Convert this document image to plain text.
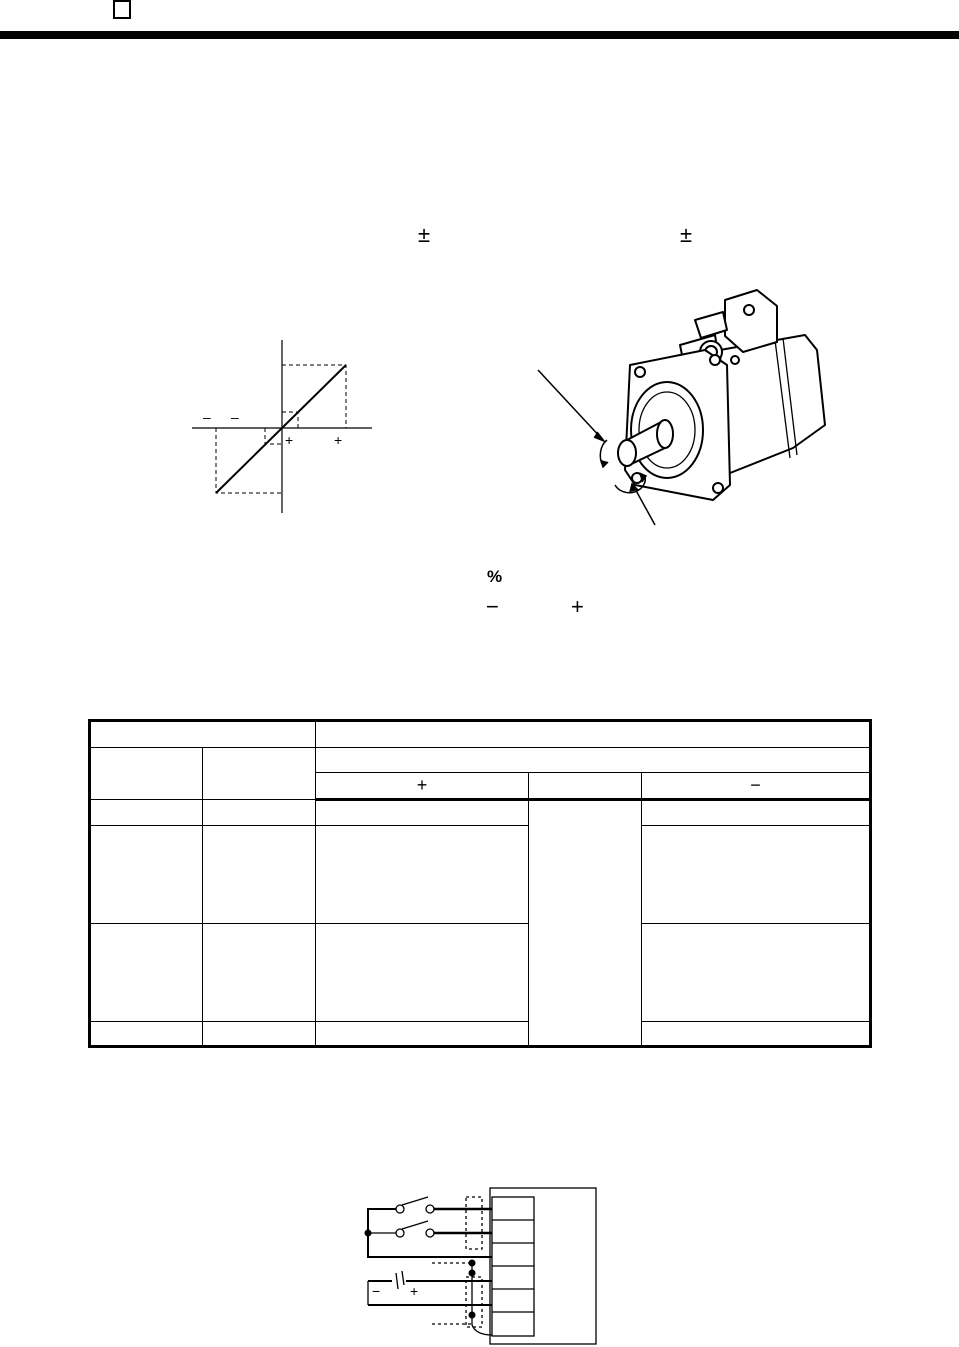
±	±
– –
+	+
%
−	+

		+		−

− +
